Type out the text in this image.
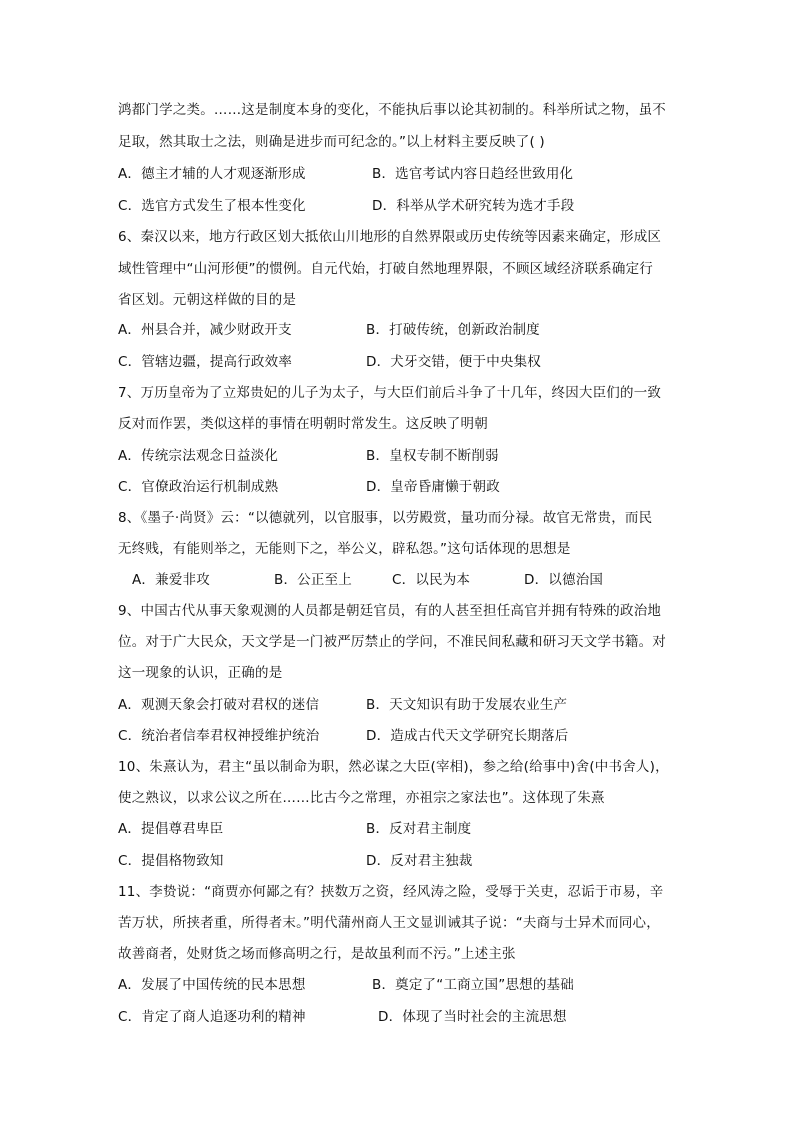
鸿都门学之类。……这是制度本身的变化，不能执后事以论其初制的。科举所试之物，虽不
足取，然其取士之法，则确是进步而可纪念的。”以上材料主要反映了( )
A．德主才辅的人才观逐渐形成	B．选官考试内容日趋经世致用化
C．选官方式发生了根本性变化	D．科举从学术研究转为选才手段
6、秦汉以来，地方行政区划大抵依山川地形的自然界限或历史传统等因素来确定，形成区
域性管理中“山河形便”的惯例。自元代始，打破自然地理界限，不顾区域经济联系确定行
省区划。元朝这样做的目的是
A．州县合并，减少财政开支	B．打破传统，创新政治制度
C．管辖边疆，提高行政效率	D．犬牙交错，便于中央集权
7、万历皇帝为了立郑贵妃的儿子为太子，与大臣们前后斗争了十几年，终因大臣们的一致
反对而作罢，类似这样的事情在明朝时常发生。这反映了明朝
A．传统宗法观念日益淡化	B．皇权专制不断削弱
C．官僚政治运行机制成熟	D．皇帝昏庸懒于朝政
8、《墨子·尚贤》云：“以德就列，以官服事，以劳殿赏，量功而分禄。故官无常贵，而民
无终贱，有能则举之，无能则下之，举公义，辟私怨。”这句话体现的思想是
A．兼爱非攻	B．公正至上	C．以民为本	D．以德治国
9、中国古代从事天象观测的人员都是朝廷官员，有的人甚至担任高官并拥有特殊的政治地
位。对于广大民众，天文学是一门被严厉禁止的学问，不准民间私藏和研习天文学书籍。对
这一现象的认识，正确的是
A．观测天象会打破对君权的迷信	B．天文知识有助于发展农业生产
C．统治者信奉君权神授维护统治	D．造成古代天文学研究长期落后
10、朱熹认为，君主“虽以制命为职，然必谋之大臣(宰相)，参之给(给事中)舍(中书舍人)，
使之熟议，以求公议之所在……比古今之常理，亦祖宗之家法也”。这体现了朱熹
A．提倡尊君卑臣	B．反对君主制度
C．提倡格物致知	D．反对君主独裁
11、李贽说：“商贾亦何鄙之有？挟数万之资，经风涛之险，受辱于关吏，忍诟于市易，辛
苦万状，所挟者重，所得者末。”明代蒲州商人王文显训诫其子说：“夫商与士异术而同心，
故善商者，处财货之场而修高明之行，是故虽利而不污。”上述主张
A．发展了中国传统的民本思想	B．奠定了“工商立国”思想的基础
C．肯定了商人追逐功利的精神	D．体现了当时社会的主流思想
